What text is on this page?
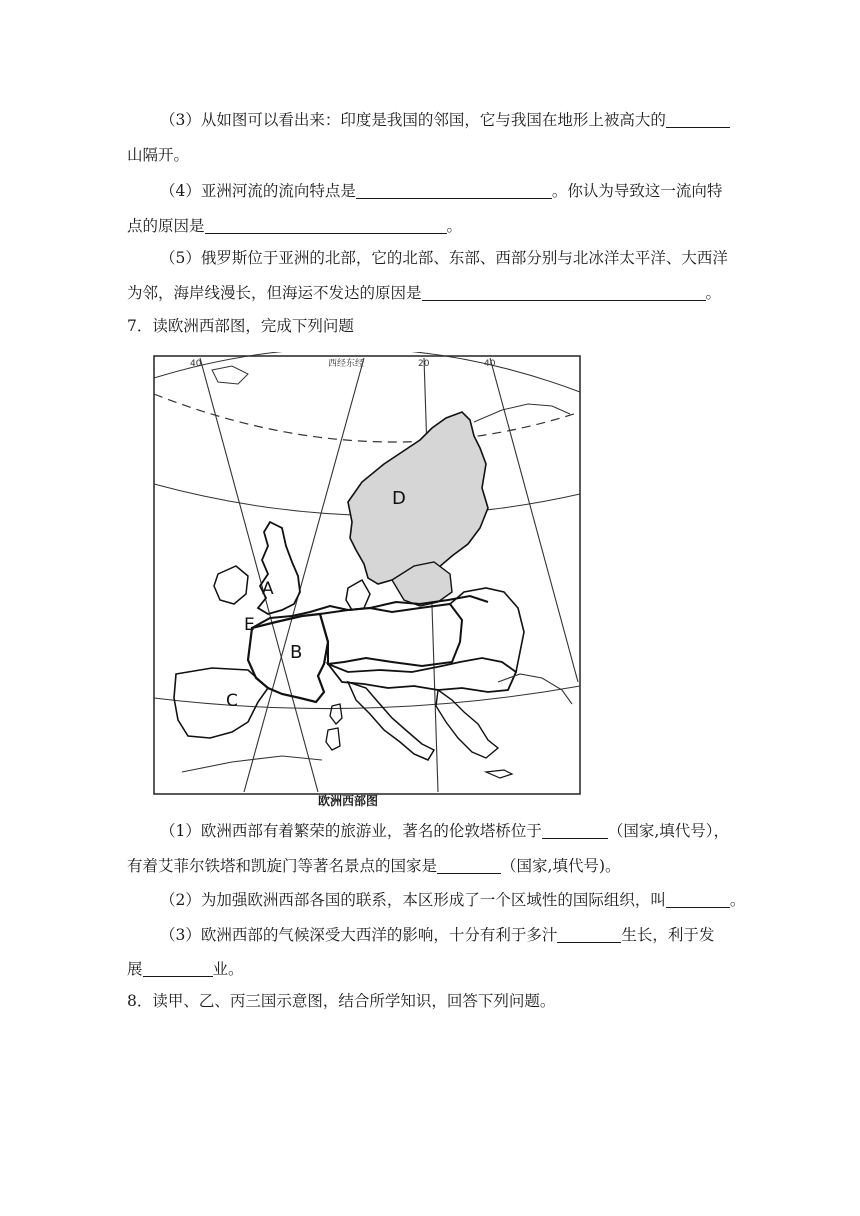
（3）从如图可以看出来：印度是我国的邻国，它与我国在地形上被高大的
山隔开。
（4）亚洲河流的流向特点是	。你认为导致这一流向特
点的原因是	。
（5）俄罗斯位于亚洲的北部，它的北部、东部、西部分别与北冰洋太平洋、大西洋
为邻，海岸线漫长，但海运不发达的原因是	。
7．读欧洲西部图，完成下列问题
40	西经东经	20	40
D
A
E
B
C
欧洲西部图
（1）欧洲西部有着繁荣的旅游业，著名的伦敦塔桥位于	（国家,填代号），
有着艾菲尔铁塔和凯旋门等著名景点的国家是	（国家,填代号)。
（2）为加强欧洲西部各国的联系，本区形成了一个区域性的国际组织，叫	。
（3）欧洲西部的气候深受大西洋的影响，十分有利于多汁	生长，利于发
展	业。
8．读甲、乙、丙三国示意图，结合所学知识，回答下列问题。
